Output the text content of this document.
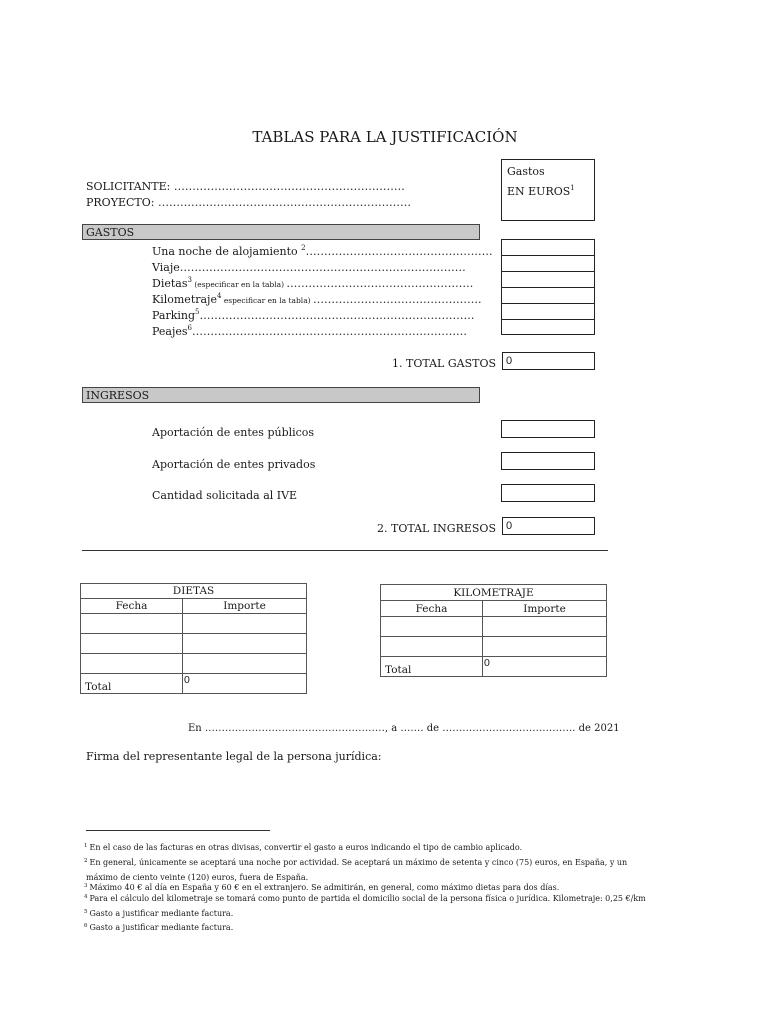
TABLAS PARA LA JUSTIFICACIÓN
Gastos
EN EUROS$^1$
SOLICITANTE: ………………………………………………………
PROYECTO: ……………………………………………………………
GASTOS
Una noche de alojamiento $^2$……………………………………………
Viaje……………………………………………………………………
Dietas$^3$ (especificar en la tabla) ……………………………………………
Kilometraje$^4$ especificar en la tabla) ……………………………………….
Parking$^5$…………………………………………………………………
Peajes$^6$…………………………………………………………………
1. TOTAL GASTOS 0
INGRESOS
Aportación de entes públicos
Aportación de entes privados
Cantidad solicitada al IVE
2. TOTAL INGRESOS 0
DIETAS	
Fecha	Importe

Total	0
KILOMETRAJE	
Fecha	Importe

Total	0
En ………………………………………………, a ….… de …………………………………. de 2021
Firma del representante legal de la persona jurídica:
$^1$ En el caso de las facturas en otras divisas, convertir el gasto a euros indicando el tipo de cambio aplicado.
$^2$ En general, únicamente se aceptará una noche por actividad. Se aceptará un máximo de setenta y cinco (75) euros, en España, y un
máximo de ciento veinte (120) euros, fuera de España.
$^3$ Máximo 40 € al día en España y 60 € en el extranjero. Se admitirán, en general, como máximo dietas para dos días.
$^4$ Para el cálculo del kilometraje se tomará como punto de partida el domicilio social de la persona física o jurídica. Kilometraje: 0,25 €/km
$^5$ Gasto a justificar mediante factura.
$^6$ Gasto a justificar mediante factura.
